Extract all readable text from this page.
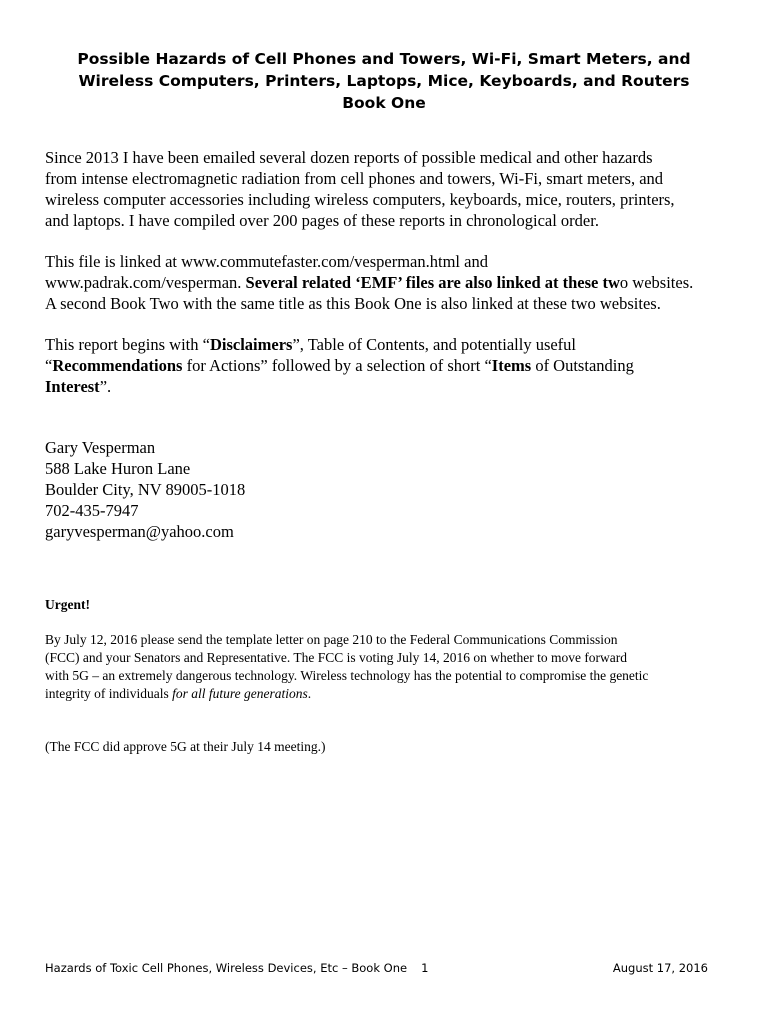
Possible Hazards of Cell Phones and Towers, Wi-Fi, Smart Meters, and
Wireless Computers, Printers, Laptops, Mice, Keyboards, and Routers
Book One

Since 2013 I have been emailed several dozen reports of possible medical and other hazards
from intense electromagnetic radiation from cell phones and towers, Wi-Fi, smart meters, and
wireless computer accessories including wireless computers, keyboards, mice, routers, printers,
and laptops. I have compiled over 200 pages of these reports in chronological order.

This file is linked at www.commutefaster.com/vesperman.html and
www.padrak.com/vesperman. Several related ‘EMF’ files are also linked at these two websites.
A second Book Two with the same title as this Book One is also linked at these two websites.

This report begins with “Disclaimers”, Table of Contents, and potentially useful
“Recommendations for Actions” followed by a selection of short “Items of Outstanding
Interest”.

Gary Vesperman
588 Lake Huron Lane
Boulder City, NV 89005-1018
702-435-7947
garyvesperman@yahoo.com
Urgent!
By July 12, 2016 please send the template letter on page 210 to the Federal Communications Commission
(FCC) and your Senators and Representative. The FCC is voting July 14, 2016 on whether to move forward
with 5G – an extremely dangerous technology. Wireless technology has the potential to compromise the genetic
integrity of individuals for all future generations.
(The FCC did approve 5G at their July 14 meeting.)
Hazards of Toxic Cell Phones, Wireless Devices, Etc – Book One 1	August 17, 2016
